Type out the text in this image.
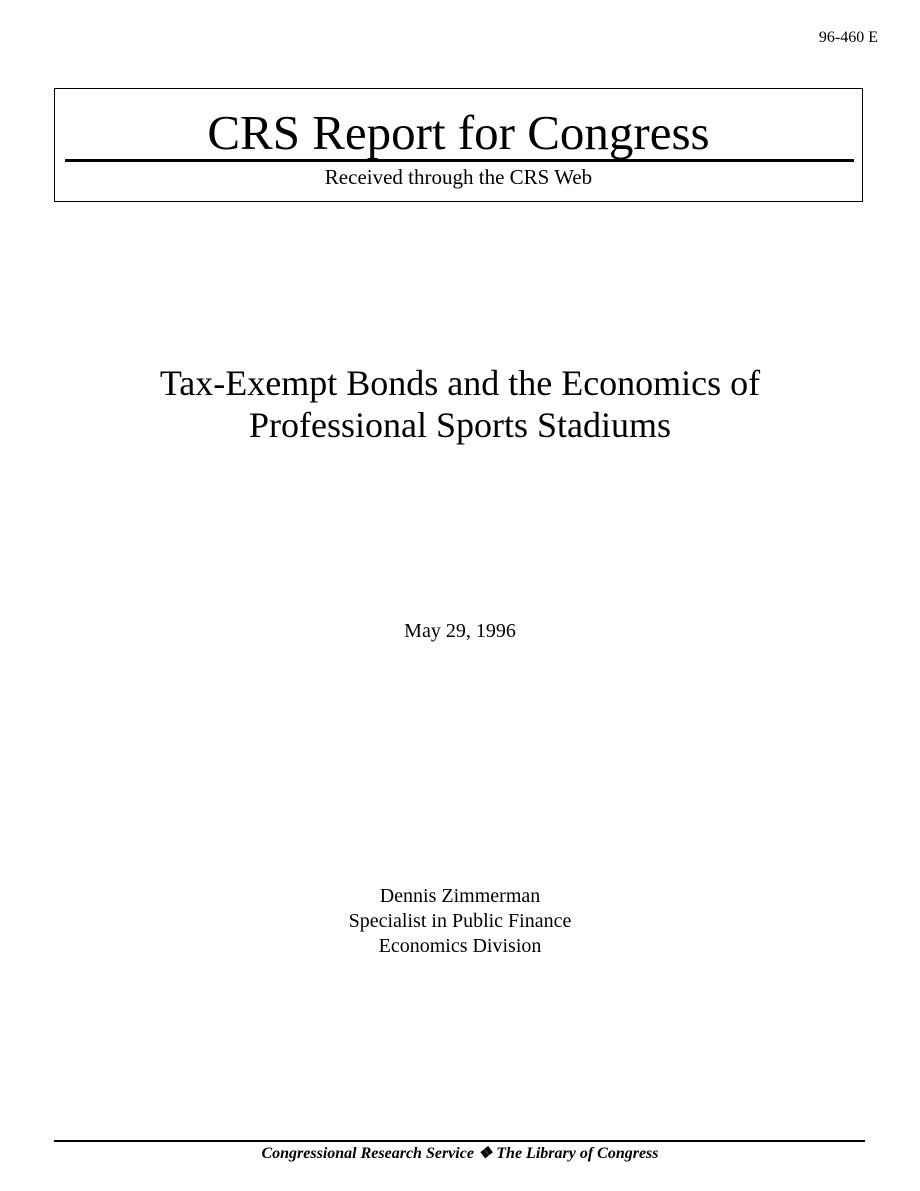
96-460 E
CRS Report for Congress
Received through the CRS Web
Tax-Exempt Bonds and the Economics of
Professional Sports Stadiums
May 29, 1996
Dennis Zimmerman
Specialist in Public Finance
Economics Division
Congressional Research Service ❖ The Library of Congress
